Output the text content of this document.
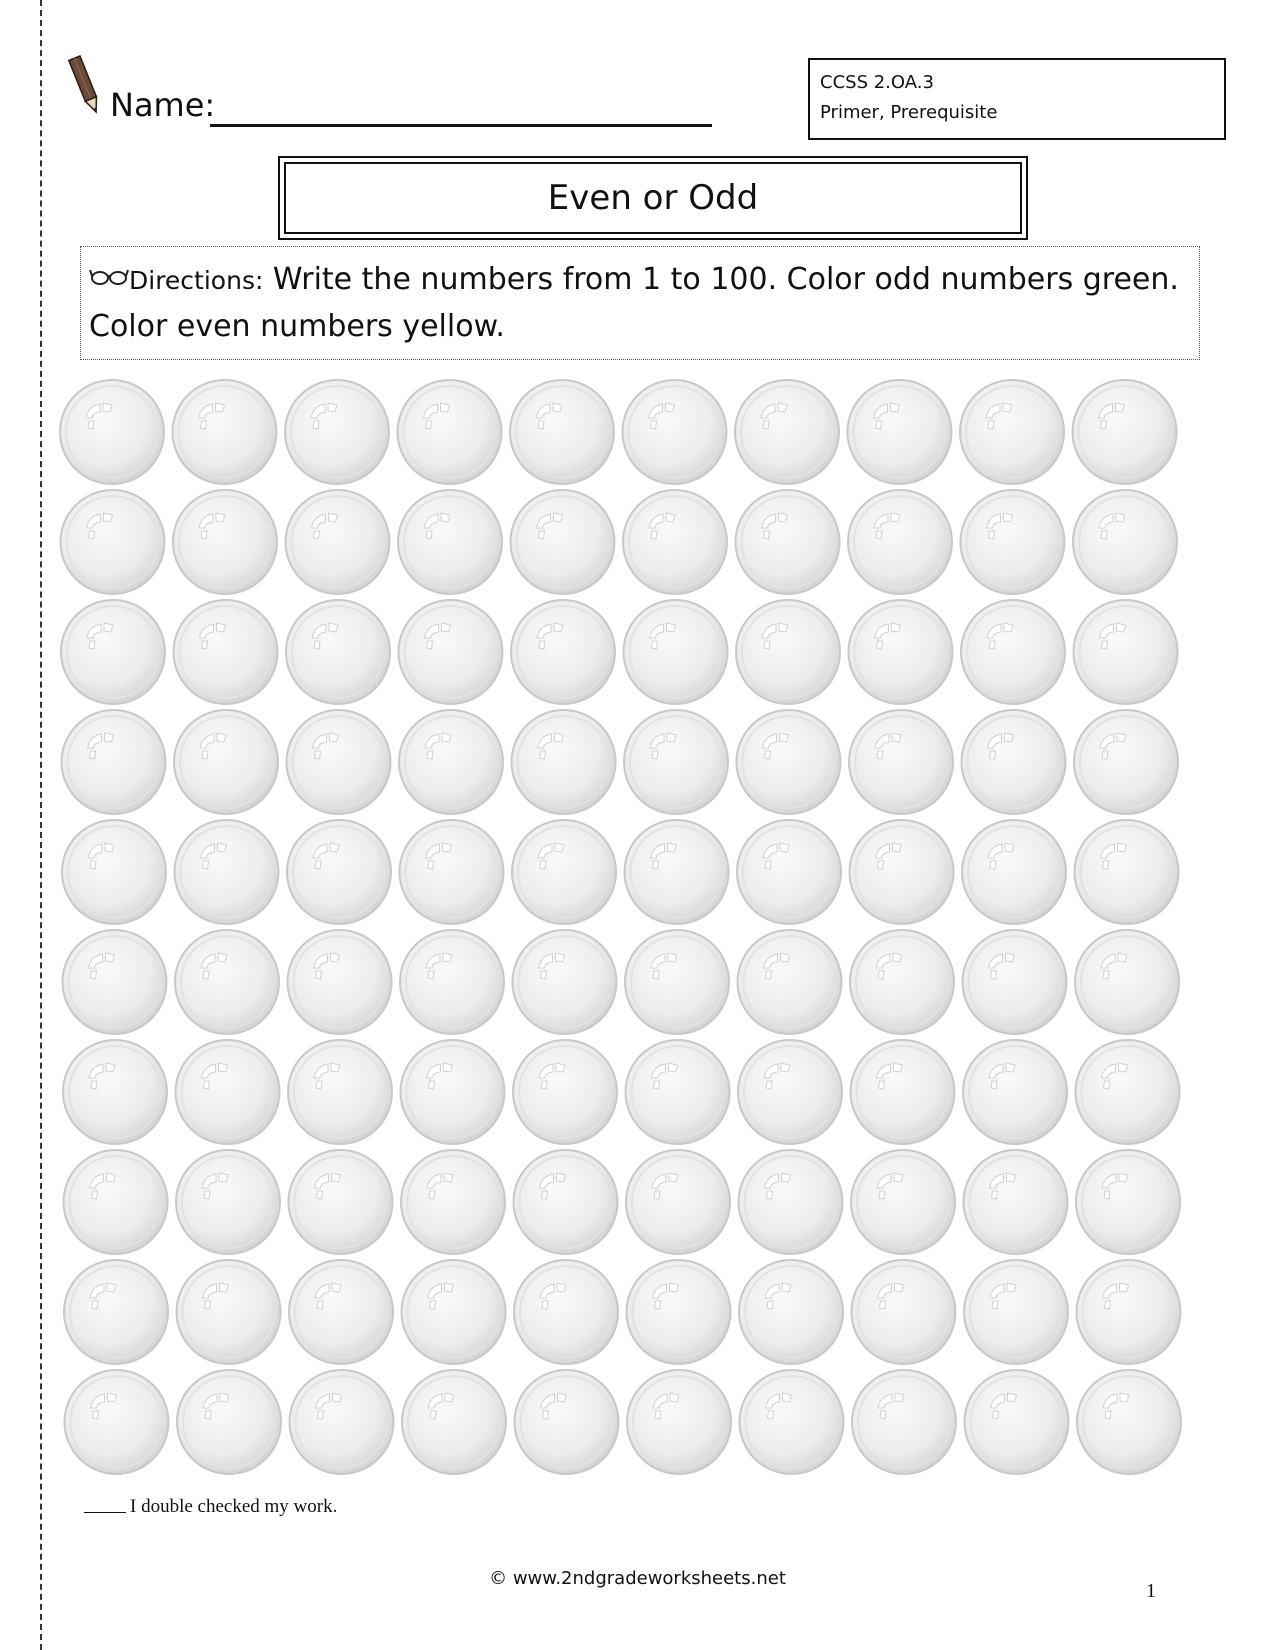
Name:
CCSS 2.OA.3
Primer, Prerequisite
Even or Odd
Directions: Write the numbers from 1 to 100. Color odd numbers green. Color even numbers yellow.
I double checked my work.
© www.2ndgradeworksheets.net
1
